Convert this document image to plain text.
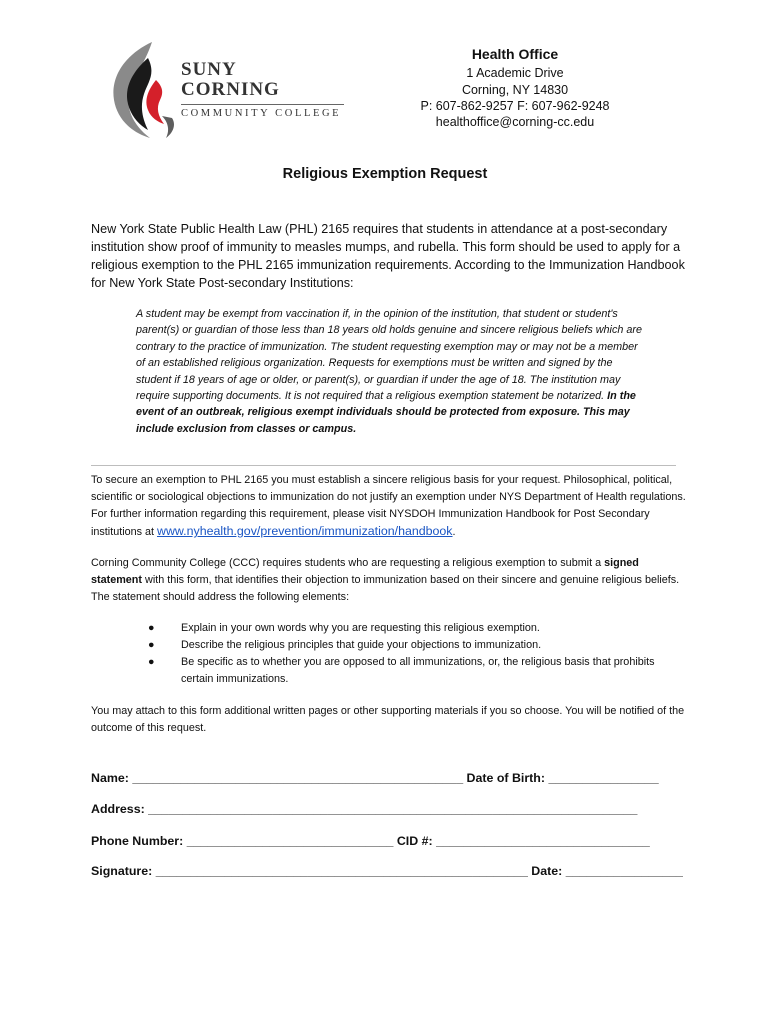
SUNY
CORNING
COMMUNITY COLLEGE
Health Office
1 Academic Drive
Corning, NY 14830
P: 607-862-9257 F: 607-962-9248
healthoffice@corning-cc.edu
Religious Exemption Request

New York State Public Health Law (PHL) 2165 requires that students in attendance at a post-secondary institution show proof of immunity to measles mumps, and rubella. This form should be used to apply for a religious exemption to the PHL 2165 immunization requirements. According to the Immunization Handbook for New York State Post-secondary Institutions:

A student may be exempt from vaccination if, in the opinion of the institution, that student or student's parent(s) or guardian of those less than 18 years old holds genuine and sincere religious beliefs which are contrary to the practice of immunization. The student requesting exemption may or may not be a member of an established religious organization. Requests for exemptions must be written and signed by the student if 18 years of age or older, or parent(s), or guardian if under the age of 18. The institution may require supporting documents. It is not required that a religious exemption statement be notarized. In the event of an outbreak, religious exempt individuals should be protected from exposure. This may include exclusion from classes or campus.

To secure an exemption to PHL 2165 you must establish a sincere religious basis for your request. Philosophical, political, scientific or sociological objections to immunization do not justify an exemption under NYS Department of Health regulations. For further information regarding this requirement, please visit NYSDOH Immunization Handbook for Post Secondary institutions at www.nyhealth.gov/prevention/immunization/handbook.

Corning Community College (CCC) requires students who are requesting a religious exemption to submit a signed statement with this form, that identifies their objection to immunization based on their sincere and genuine religious beliefs. The statement should address the following elements:

● Explain in your own words why you are requesting this religious exemption.
● Describe the religious principles that guide your objections to immunization.
● Be specific as to whether you are opposed to all immunizations, or, the religious basis that prohibits certain immunizations.

You may attach to this form additional written pages or other supporting materials if you so choose. You will be notified of the outcome of this request.

Name: ________________________________________________ Date of Birth: ________________
Address: _______________________________________________________________________
Phone Number: ______________________________ CID #: _______________________________
Signature: ______________________________________________________ Date: _________________
